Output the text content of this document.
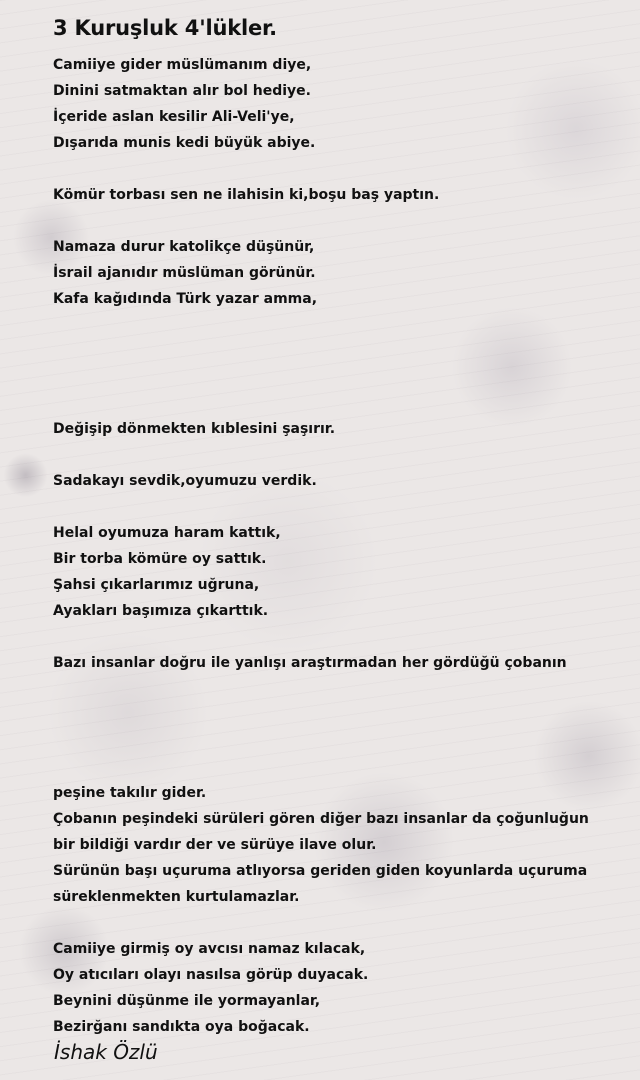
3 Kuruşluk 4'lükler.
Camiiye gider müslümanım diye,
Dinini satmaktan alır bol hediye.
İçeride aslan kesilir Ali-Veli'ye,
Dışarıda munis kedi büyük abiye.
Kömür torbası sen ne ilahisin ki,boşu baş yaptın.
Namaza durur katolikçe düşünür,
İsrail ajanıdır müslüman görünür.
Kafa kağıdında Türk yazar amma,
Değişip dönmekten kıblesini şaşırır.
Sadakayı sevdik,oyumuzu verdik.
Helal oyumuza haram kattık,
Bir torba kömüre oy sattık.
Şahsi çıkarlarımız uğruna,
Ayakları başımıza çıkarttık.
Bazı insanlar doğru ile yanlışı araştırmadan her gördüğü çobanın
peşine takılır gider.
Çobanın peşindeki sürüleri gören diğer bazı insanlar da çoğunluğun
bir bildiği vardır der ve sürüye ilave olur.
Sürünün başı uçuruma atlıyorsa geriden giden koyunlarda uçuruma
süreklenmekten kurtulamazlar.
Camiiye girmiş oy avcısı namaz kılacak,
Oy atıcıları olayı nasılsa görüp duyacak.
Beynini düşünme ile yormayanlar,
Bezirğanı sandıkta oya boğacak.
İshak Özlü
